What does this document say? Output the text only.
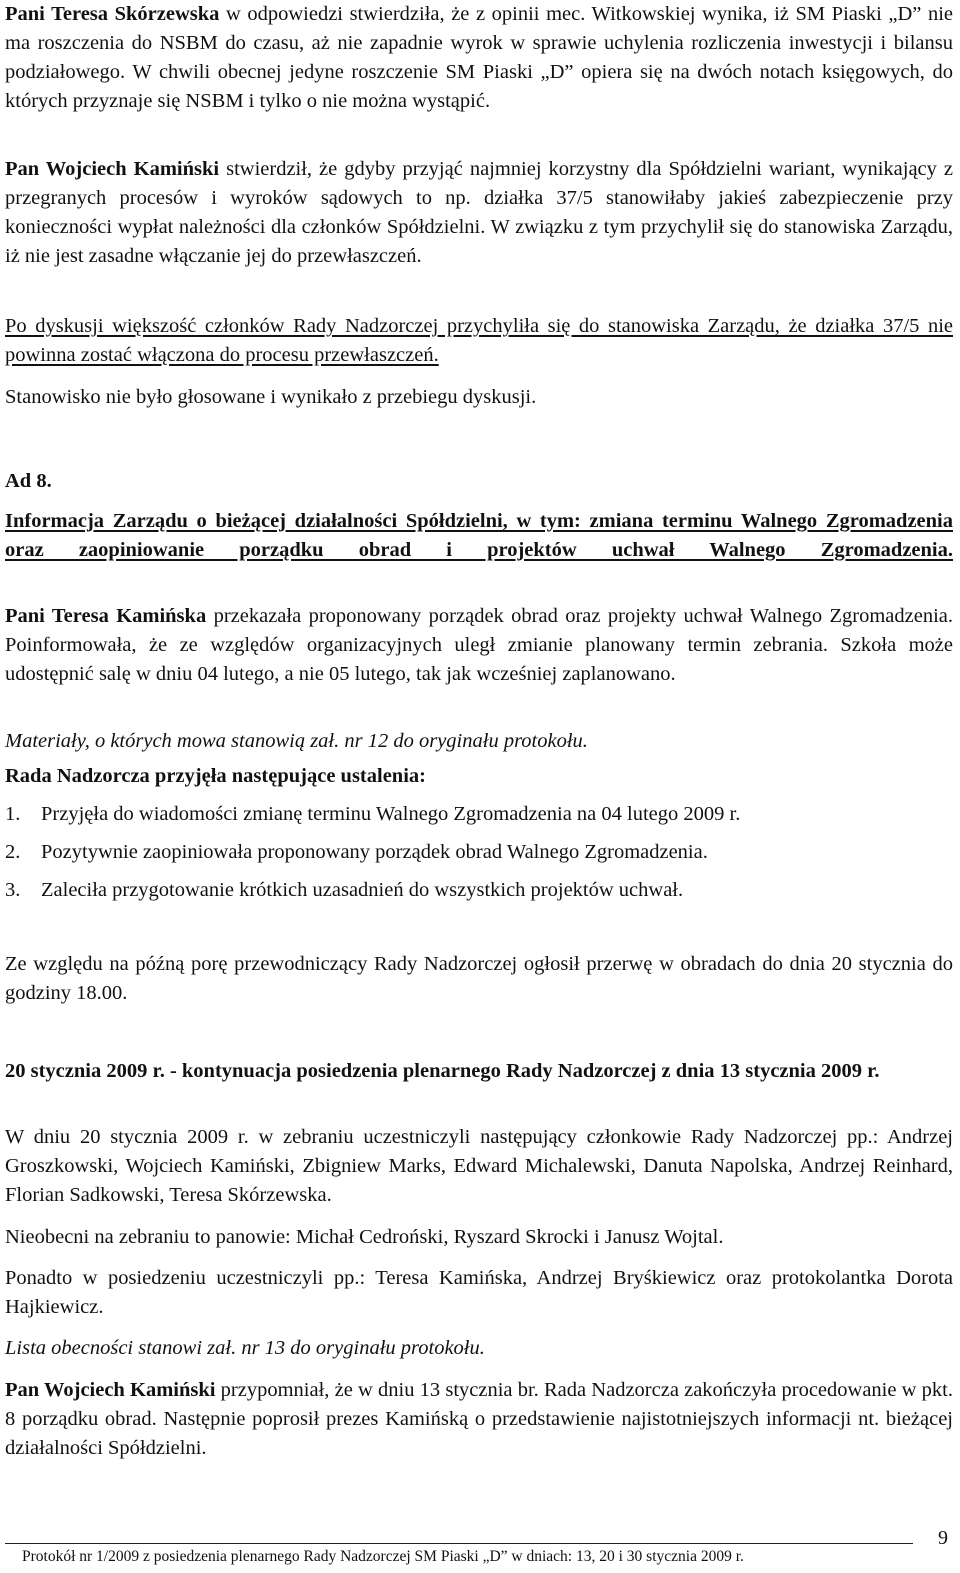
Pani Teresa Skórzewska w odpowiedzi stwierdziła, że z opinii mec. Witkowskiej wynika, iż SM Piaski „D” nie ma roszczenia do NSBM do czasu, aż nie zapadnie wyrok w sprawie uchylenia rozliczenia inwestycji i bilansu podziałowego. W chwili obecnej jedyne roszczenie SM Piaski „D” opiera się na dwóch notach księgowych, do których przyznaje się NSBM i tylko o nie można wystąpić.

Pan Wojciech Kamiński stwierdził, że gdyby przyjąć najmniej korzystny dla Spółdzielni wariant, wynikający z przegranych procesów i wyroków sądowych to np. działka 37/5 stanowiłaby jakieś zabezpieczenie przy konieczności wypłat należności dla członków Spółdzielni. W związku z tym przychylił się do stanowiska Zarządu, iż nie jest zasadne włączanie jej do przewłaszczeń.

Po dyskusji większość członków Rady Nadzorczej przychyliła się do stanowiska Zarządu, że działka 37/5 nie powinna zostać włączona do procesu przewłaszczeń.

Stanowisko nie było głosowane i wynikało z przebiegu dyskusji.

Ad 8.

Informacja Zarządu o bieżącej działalności Spółdzielni, w tym: zmiana terminu Walnego Zgromadzenia oraz zaopiniowanie porządku obrad i projektów uchwał Walnego Zgromadzenia.

Pani Teresa Kamińska przekazała proponowany porządek obrad oraz projekty uchwał Walnego Zgromadzenia. Poinformowała, że ze względów organizacyjnych uległ zmianie planowany termin zebrania. Szkoła może udostępnić salę w dniu 04 lutego, a nie 05 lutego, tak jak wcześniej zaplanowano.

Materiały, o których mowa stanowią zał. nr 12 do oryginału protokołu.

Rada Nadzorcza przyjęła następujące ustalenia:

1.	Przyjęła do wiadomości zmianę terminu Walnego Zgromadzenia na 04 lutego 2009 r.
2.	Pozytywnie zaopiniowała proponowany porządek obrad Walnego Zgromadzenia.
3.	Zaleciła przygotowanie krótkich uzasadnień do wszystkich projektów uchwał.

Ze względu na późną porę przewodniczący Rady Nadzorczej ogłosił przerwę w obradach do dnia 20 stycznia do godziny 18.00.

20 stycznia 2009 r. - kontynuacja posiedzenia plenarnego Rady Nadzorczej z dnia 13 stycznia 2009 r.

W dniu 20 stycznia 2009 r. w zebraniu uczestniczyli następujący członkowie Rady Nadzorczej pp.: Andrzej Groszkowski, Wojciech Kamiński, Zbigniew Marks, Edward Michalewski, Danuta Napolska, Andrzej Reinhard, Florian Sadkowski, Teresa Skórzewska.

Nieobecni na zebraniu to panowie: Michał Cedroński, Ryszard Skrocki i Janusz Wojtal.

Ponadto w posiedzeniu uczestniczyli pp.: Teresa Kamińska, Andrzej Bryśkiewicz oraz protokolantka Dorota Hajkiewicz.

Lista obecności stanowi zał. nr 13 do oryginału protokołu.

Pan Wojciech Kamiński przypomniał, że w dniu 13 stycznia br. Rada Nadzorcza zakończyła procedowanie w pkt. 8 porządku obrad. Następnie poprosił prezes Kamińską o przedstawienie najistotniejszych informacji nt. bieżącej działalności Spółdzielni.

9
Protokół nr 1/2009 z posiedzenia plenarnego Rady Nadzorczej SM Piaski „D” w dniach: 13, 20 i 30 stycznia 2009 r.
